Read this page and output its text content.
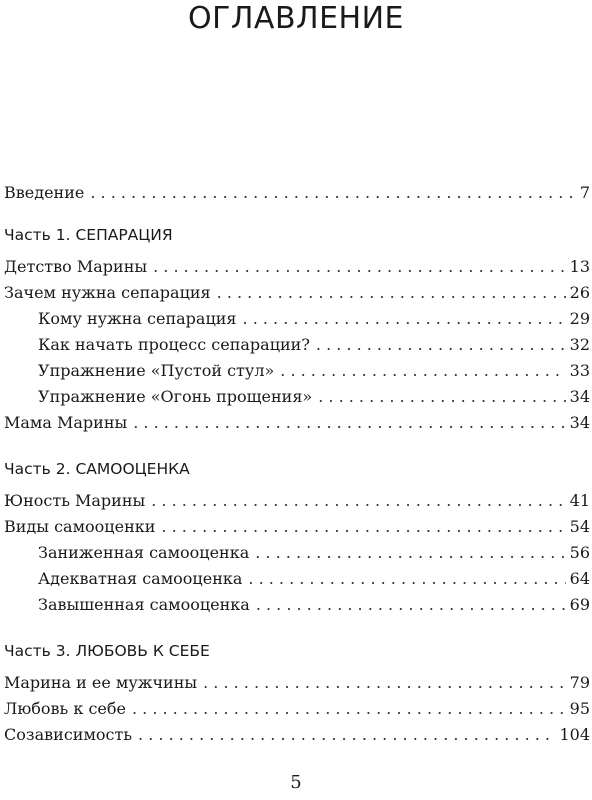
ОГЛАВЛЕНИЕ
Введение . . .	7
Часть 1. СЕПАРАЦИЯ
Детство Марины . . .	13
Зачем нужна сепарация . . .	26
Кому нужна сепарация . . .	29
Как начать процесс сепарации? . . .	32
Упражнение «Пустой стул» . . .	33
Упражнение «Огонь прощения» . . .	34
Мама Марины . . .	34
Часть 2. САМООЦЕНКА
Юность Марины . . .	41
Виды самооценки . . .	54
Заниженная самооценка . . .	56
Адекватная самооценка . . .	64
Завышенная самооценка . . .	69
Часть 3. ЛЮБОВЬ К СЕБЕ
Марина и ее мужчины . . .	79
Любовь к себе . . .	95
Созависимость . . .	104
5
